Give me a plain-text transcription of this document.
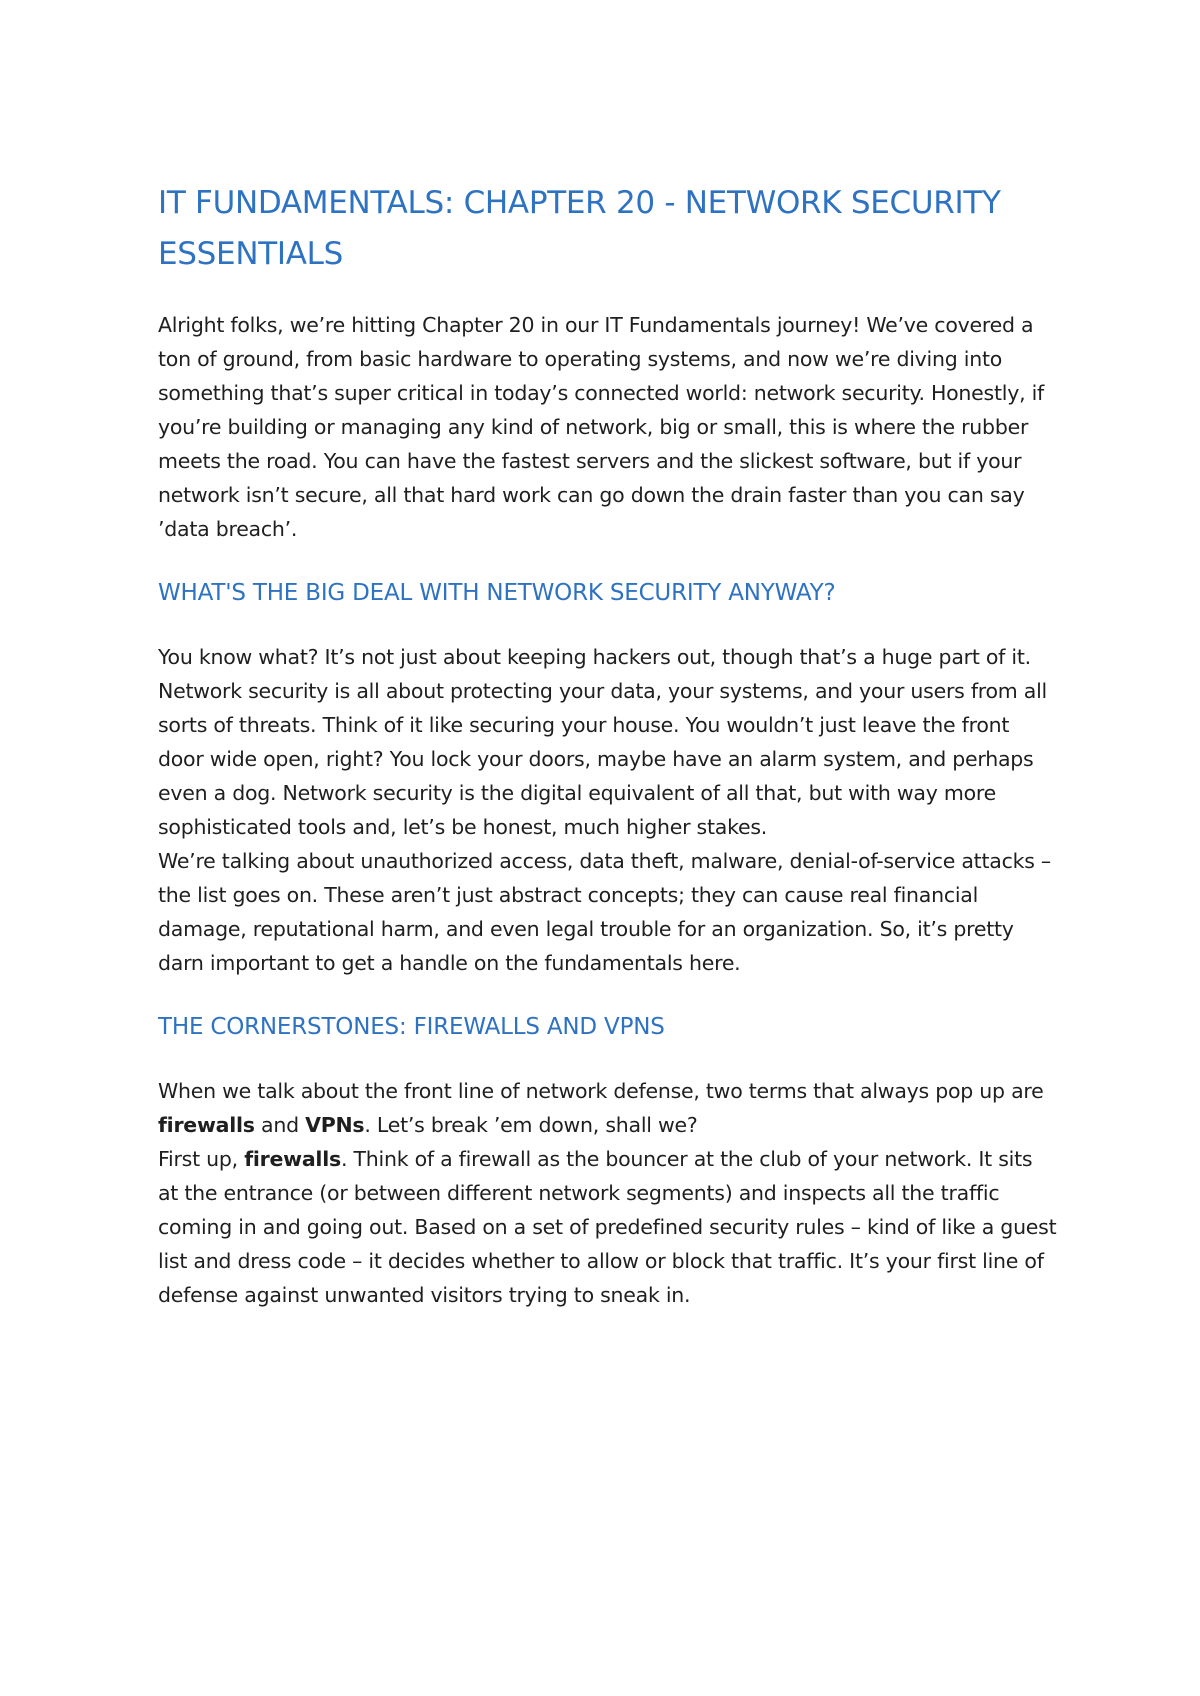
IT FUNDAMENTALS: CHAPTER 20 - NETWORK SECURITY ESSENTIALS

Alright folks, we’re hitting Chapter 20 in our IT Fundamentals journey! We’ve covered a ton of ground, from basic hardware to operating systems, and now we’re diving into something that’s super critical in today’s connected world: network security. Honestly, if you’re building or managing any kind of network, big or small, this is where the rubber meets the road. You can have the fastest servers and the slickest software, but if your network isn’t secure, all that hard work can go down the drain faster than you can say ’data breach’.

WHAT'S THE BIG DEAL WITH NETWORK SECURITY ANYWAY?

You know what? It’s not just about keeping hackers out, though that’s a huge part of it. Network security is all about protecting your data, your systems, and your users from all sorts of threats. Think of it like securing your house. You wouldn’t just leave the front door wide open, right? You lock your doors, maybe have an alarm system, and perhaps even a dog. Network security is the digital equivalent of all that, but with way more sophisticated tools and, let’s be honest, much higher stakes.

We’re talking about unauthorized access, data theft, malware, denial-of-service attacks – the list goes on. These aren’t just abstract concepts; they can cause real financial damage, reputational harm, and even legal trouble for an organization. So, it’s pretty darn important to get a handle on the fundamentals here.

THE CORNERSTONES: FIREWALLS AND VPNS

When we talk about the front line of network defense, two terms that always pop up are firewalls and VPNs. Let’s break ’em down, shall we?

First up, firewalls. Think of a firewall as the bouncer at the club of your network. It sits at the entrance (or between different network segments) and inspects all the traffic coming in and going out. Based on a set of predefined security rules – kind of like a guest list and dress code – it decides whether to allow or block that traffic. It’s your first line of defense against unwanted visitors trying to sneak in.
